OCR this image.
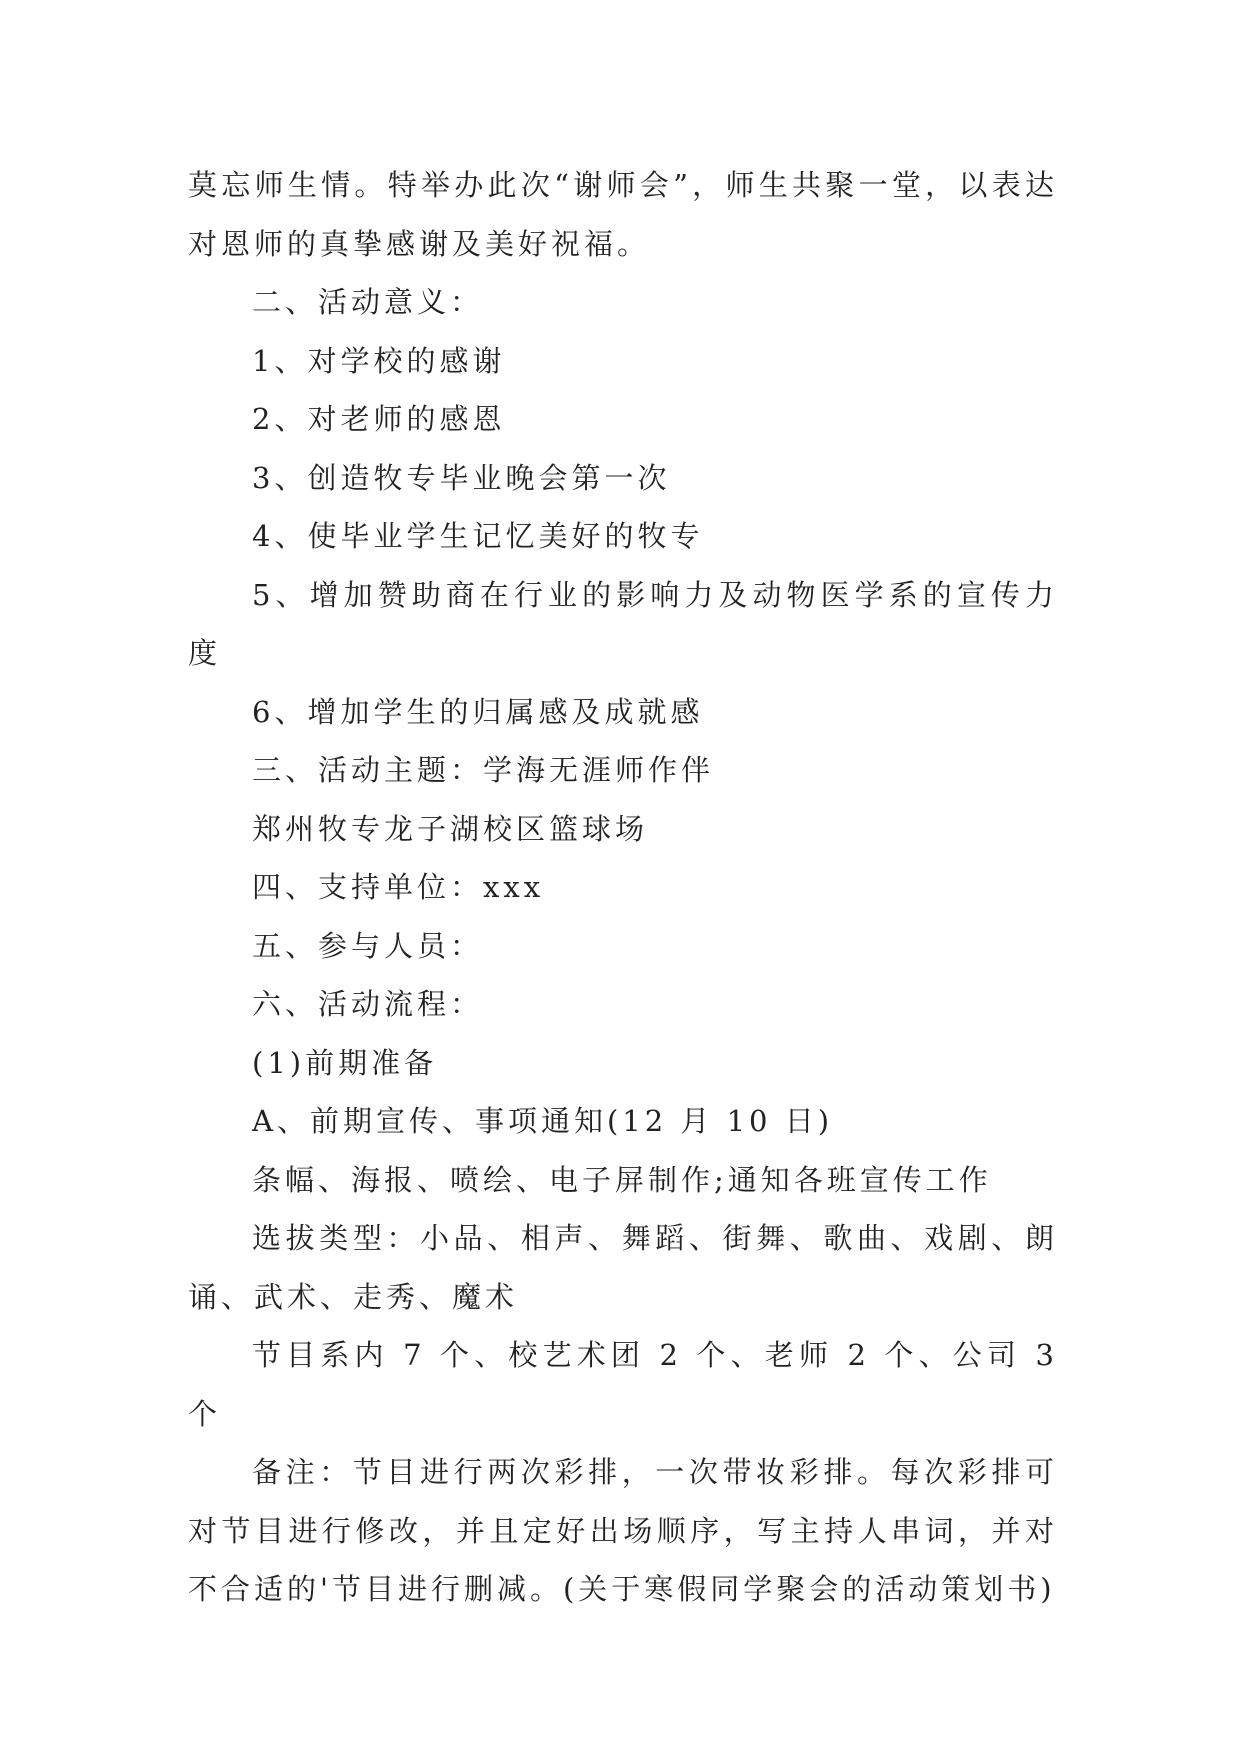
莫忘师生情。特举办此次“谢师会”，师生共聚一堂，以表达对恩师的真挚感谢及美好祝福。

二、活动意义：

1、对学校的感谢

2、对老师的感恩

3、创造牧专毕业晚会第一次

4、使毕业学生记忆美好的牧专

5、增加赞助商在行业的影响力及动物医学系的宣传力度

6、增加学生的归属感及成就感

三、活动主题：学海无涯师作伴

郑州牧专龙子湖校区篮球场

四、支持单位：xxx

五、参与人员：

六、活动流程：

(1)前期准备

A、前期宣传、事项通知(12 月 10 日)

条幅、海报、喷绘、电子屏制作;通知各班宣传工作

选拔类型：小品、相声、舞蹈、街舞、歌曲、戏剧、朗诵、武术、走秀、魔术

节目系内 7 个、校艺术团 2 个、老师 2 个、公司 3 个

备注：节目进行两次彩排，一次带妆彩排。每次彩排可对节目进行修改，并且定好出场顺序，写主持人串词，并对不合适的'节目进行删减。(关于寒假同学聚会的活动策划书)
